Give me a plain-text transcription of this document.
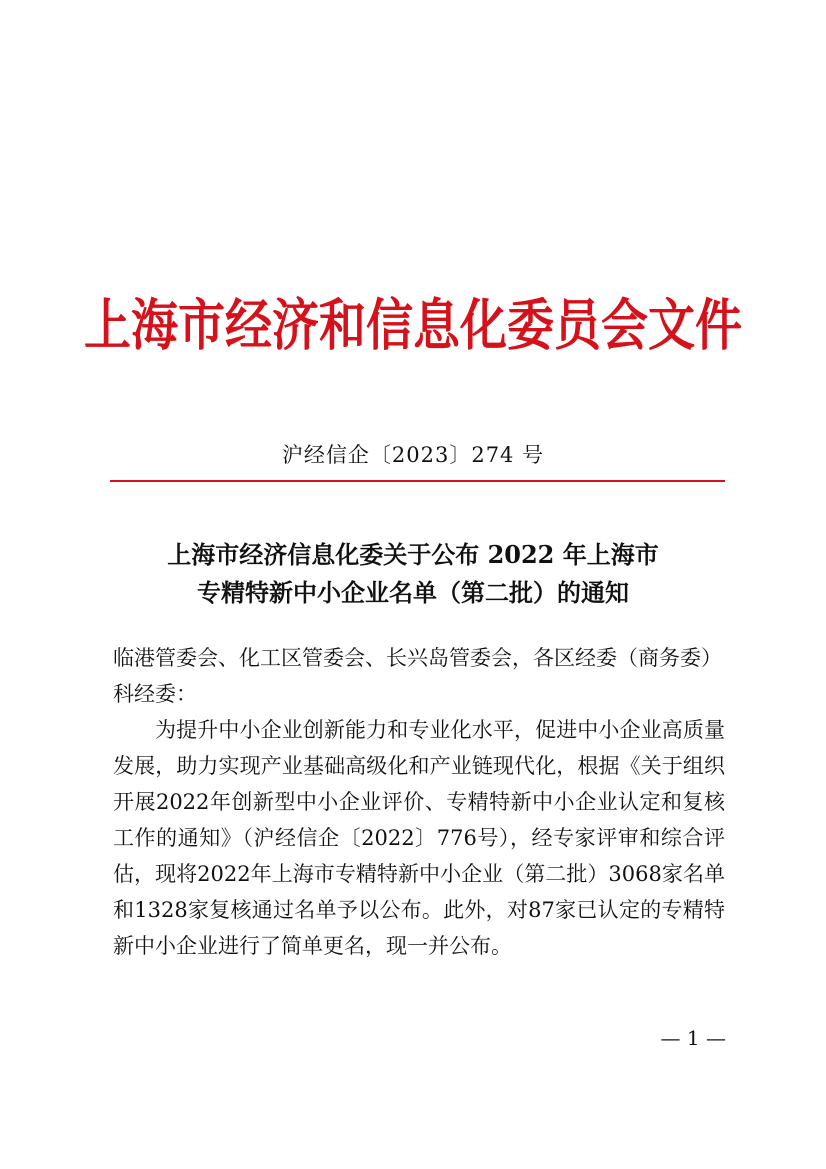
上海市经济和信息化委员会文件
沪经信企〔2023〕274 号
上海市经济信息化委关于公布 2022 年上海市
专精特新中小企业名单（第二批）的通知

临港管委会、化工区管委会、长兴岛管委会，各区经委（商务委）科经委：

为提升中小企业创新能力和专业化水平，促进中小企业高质量发展，助力实现产业基础高级化和产业链现代化，根据《关于组织开展2022年创新型中小企业评价、专精特新中小企业认定和复核工作的通知》（沪经信企〔2022〕776号），经专家评审和综合评估，现将2022年上海市专精特新中小企业（第二批）3068家名单和1328家复核通过名单予以公布。此外，对87家已认定的专精特新中小企业进行了简单更名，现一并公布。

— 1 —
